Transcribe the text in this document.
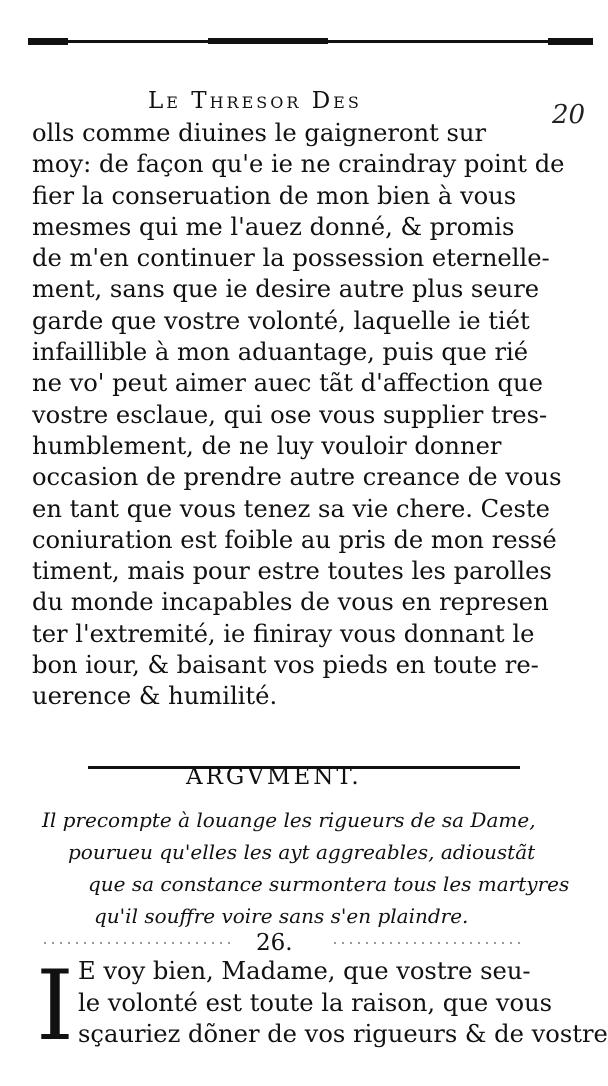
20
Le Thresor Des
olls comme diuines le gaigneront sur
moy: de façon qu'e ie ne craindray point de
fier la conseruation de mon bien à vous
mesmes qui me l'auez donné, & promis
de m'en continuer la possession eternelle-
ment, sans que ie desire autre plus seure
garde que vostre volonté, laquelle ie tiét
infaillible à mon aduantage, puis que rié
ne vo' peut aimer auec tãt d'affection que
vostre esclaue, qui ose vous supplier tres-
humblement, de ne luy vouloir donner
occasion de prendre autre creance de vous
en tant que vous tenez sa vie chere. Ceste
coniuration est foible au pris de mon ressé
timent, mais pour estre toutes les parolles
du monde incapables de vous en represen
ter l'extremité, ie finiray vous donnant le
bon iour, & baisant vos pieds en toute re-
uerence & humilité.
ARGVMENT.
Il precompte à louange les rigueurs de sa Dame,
pourueu qu'elles les ayt aggreables, adioustãt
que sa constance surmontera tous les martyres
qu'il souffre voire sans s'en plaindre.
26.
I E voy bien, Madame, que vostre seu-
le volonté est toute la raison, que vous
sçauriez dõner de vos rigueurs & de vostre
